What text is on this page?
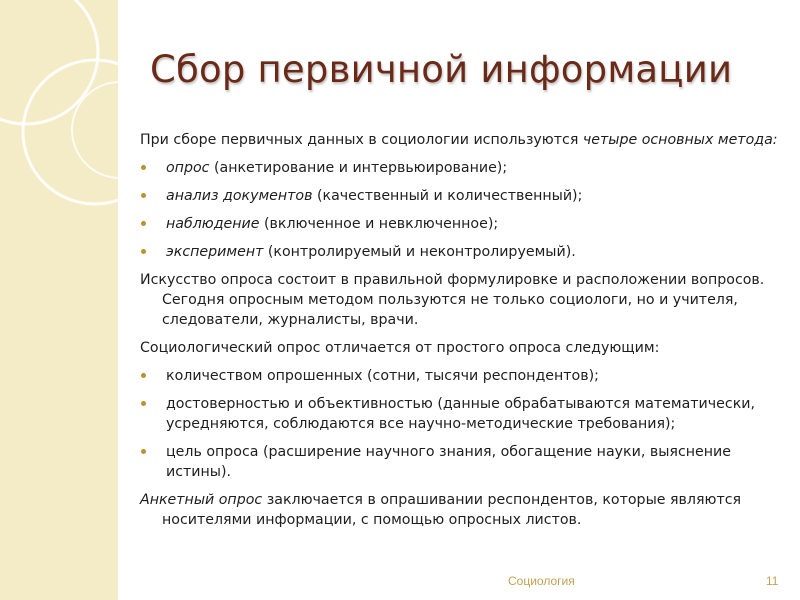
Сбор первичной информации
При сборе первичных данных в социологии используются четыре основных метода:
опрос (анкетирование и интервьюирование);
анализ документов (качественный и количественный);
наблюдение (включенное и невключенное);
эксперимент (контролируемый и неконтролируемый).
Искусство опроса состоит в правильной формулировке и расположении вопросов. Сегодня опросным методом пользуются не только социологи, но и учителя, следователи, журналисты, врачи.
Социологический опрос отличается от простого опроса следующим:
количеством опрошенных (сотни, тысячи респондентов);
достоверностью и объективностью (данные обрабатываются математически, усредняются, соблюдаются все научно-методические требования);
цель опроса (расширение научного знания, обогащение науки, выяснение истины).
Анкетный опрос заключается в опрашивании респондентов, которые являются носителями информации, с помощью опросных листов.
Социология	11
